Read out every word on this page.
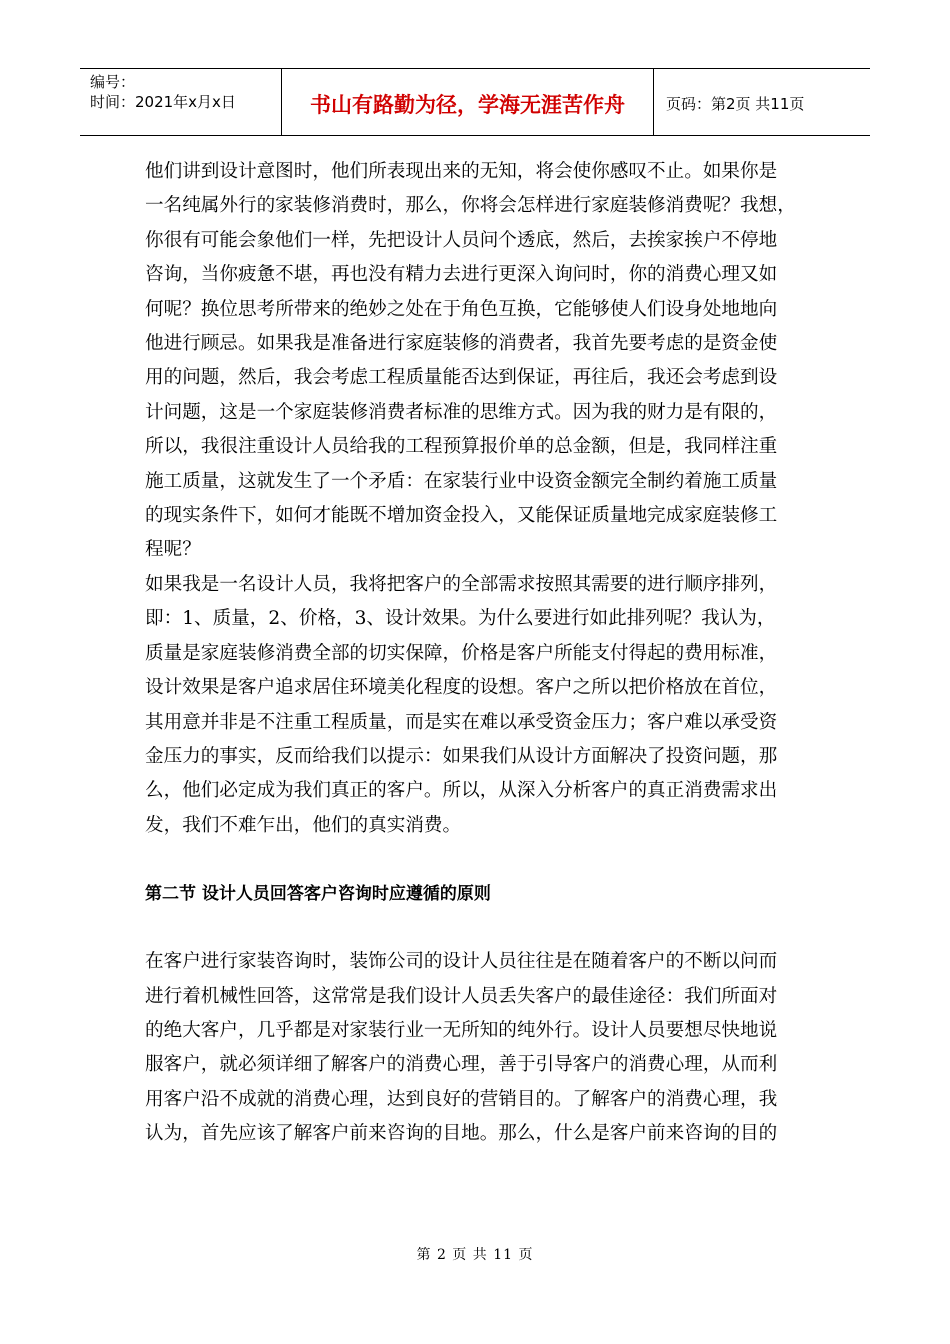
编号：
时间：2021年x月x日	书山有路勤为径，学海无涯苦作舟	页码：第2页 共11页
他们讲到设计意图时，他们所表现出来的无知，将会使你感叹不止。如果你是
一名纯属外行的家装修消费时，那么，你将会怎样进行家庭装修消费呢？我想，
你很有可能会象他们一样，先把设计人员问个透底，然后，去挨家挨户不停地
咨询，当你疲惫不堪，再也没有精力去进行更深入询问时，你的消费心理又如
何呢？换位思考所带来的绝妙之处在于角色互换，它能够使人们设身处地地向
他进行顾忌。如果我是准备进行家庭装修的消费者，我首先要考虑的是资金使
用的问题，然后，我会考虑工程质量能否达到保证，再往后，我还会考虑到设
计问题，这是一个家庭装修消费者标准的思维方式。因为我的财力是有限的，
所以，我很注重设计人员给我的工程预算报价单的总金额，但是，我同样注重
施工质量，这就发生了一个矛盾：在家装行业中设资金额完全制约着施工质量
的现实条件下，如何才能既不增加资金投入，又能保证质量地完成家庭装修工
程呢？
如果我是一名设计人员，我将把客户的全部需求按照其需要的进行顺序排列，
即：1、质量，2、价格，3、设计效果。为什么要进行如此排列呢？我认为，
质量是家庭装修消费全部的切实保障，价格是客户所能支付得起的费用标准，
设计效果是客户追求居住环境美化程度的设想。客户之所以把价格放在首位，
其用意并非是不注重工程质量，而是实在难以承受资金压力；客户难以承受资
金压力的事实，反而给我们以提示：如果我们从设计方面解决了投资问题，那
么，他们必定成为我们真正的客户。所以，从深入分析客户的真正消费需求出
发，我们不难乍出，他们的真实消费。
第二节 设计人员回答客户咨询时应遵循的原则
在客户进行家装咨询时，装饰公司的设计人员往往是在随着客户的不断以问而
进行着机械性回答，这常常是我们设计人员丢失客户的最佳途径：我们所面对
的绝大客户，几乎都是对家装行业一无所知的纯外行。设计人员要想尽快地说
服客户，就必须详细了解客户的消费心理，善于引导客户的消费心理，从而利
用客户沿不成就的消费心理，达到良好的营销目的。了解客户的消费心理，我
认为，首先应该了解客户前来咨询的目地。那么，什么是客户前来咨询的目的
第 2 页 共 11 页
